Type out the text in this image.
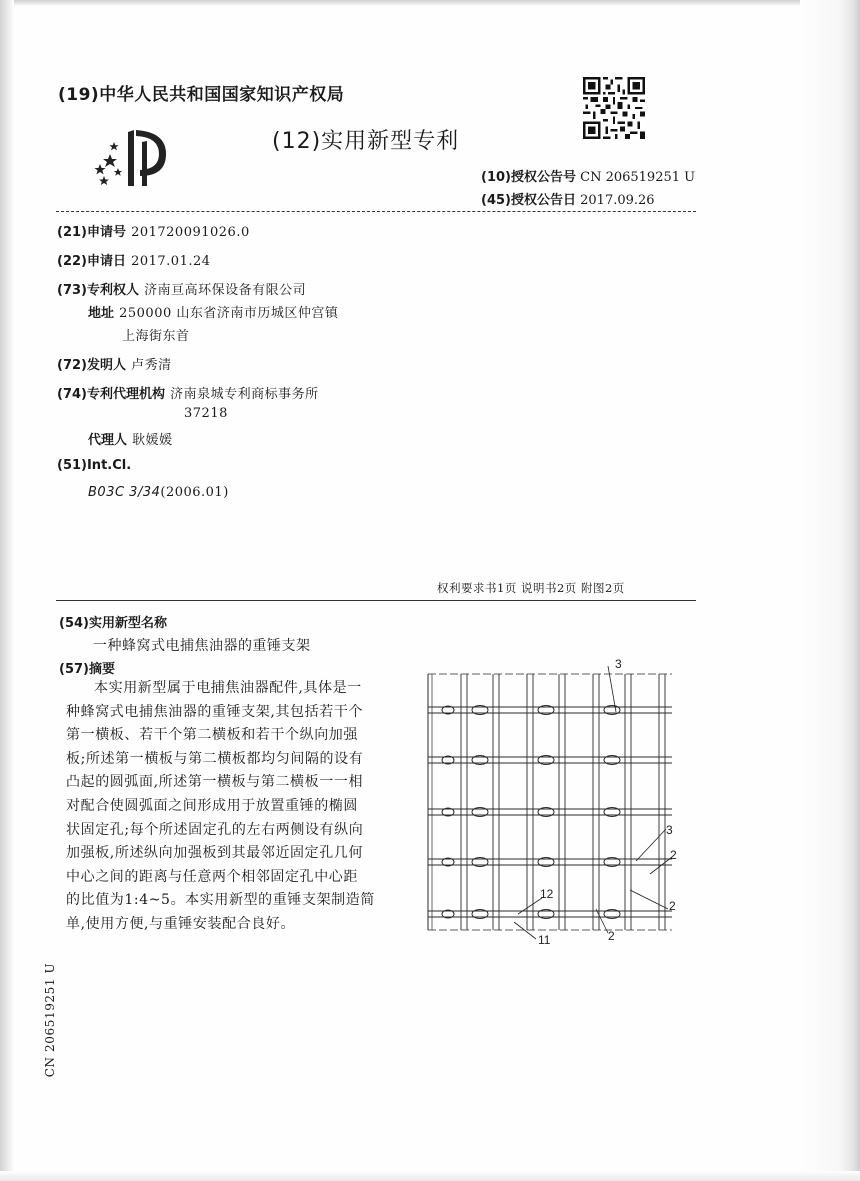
(19)中华人民共和国国家知识产权局
(12)实用新型专利
(10)授权公告号 CN 206519251 U
(45)授权公告日 2017.09.26
(21)申请号 201720091026.0
(22)申请日 2017.01.24
(73)专利权人 济南亘高环保设备有限公司
地址 250000 山东省济南市历城区仲宫镇
上海街东首
(72)发明人 卢秀清
(74)专利代理机构 济南泉城专利商标事务所
37218
代理人 耿媛媛
(51)Int.Cl.
B03C 3/34(2006.01)
权利要求书1页 说明书2页 附图2页
(54)实用新型名称
一种蜂窝式电捕焦油器的重锤支架
(57)摘要
本实用新型属于电捕焦油器配件,具体是一
种蜂窝式电捕焦油器的重锤支架,其包括若干个
第一横板、若干个第二横板和若干个纵向加强
板;所述第一横板与第二横板都均匀间隔的设有
凸起的圆弧面,所述第一横板与第二横板一一相
对配合使圆弧面之间形成用于放置重锤的椭圆
状固定孔;每个所述固定孔的左右两侧设有纵向
加强板,所述纵向加强板到其最邻近固定孔几何
中心之间的距离与任意两个相邻固定孔中心距
的比值为1:4~5。本实用新型的重锤支架制造简
单,使用方便,与重锤安装配合良好。
3
3
2
2
12
11	2
CN 206519251 U
